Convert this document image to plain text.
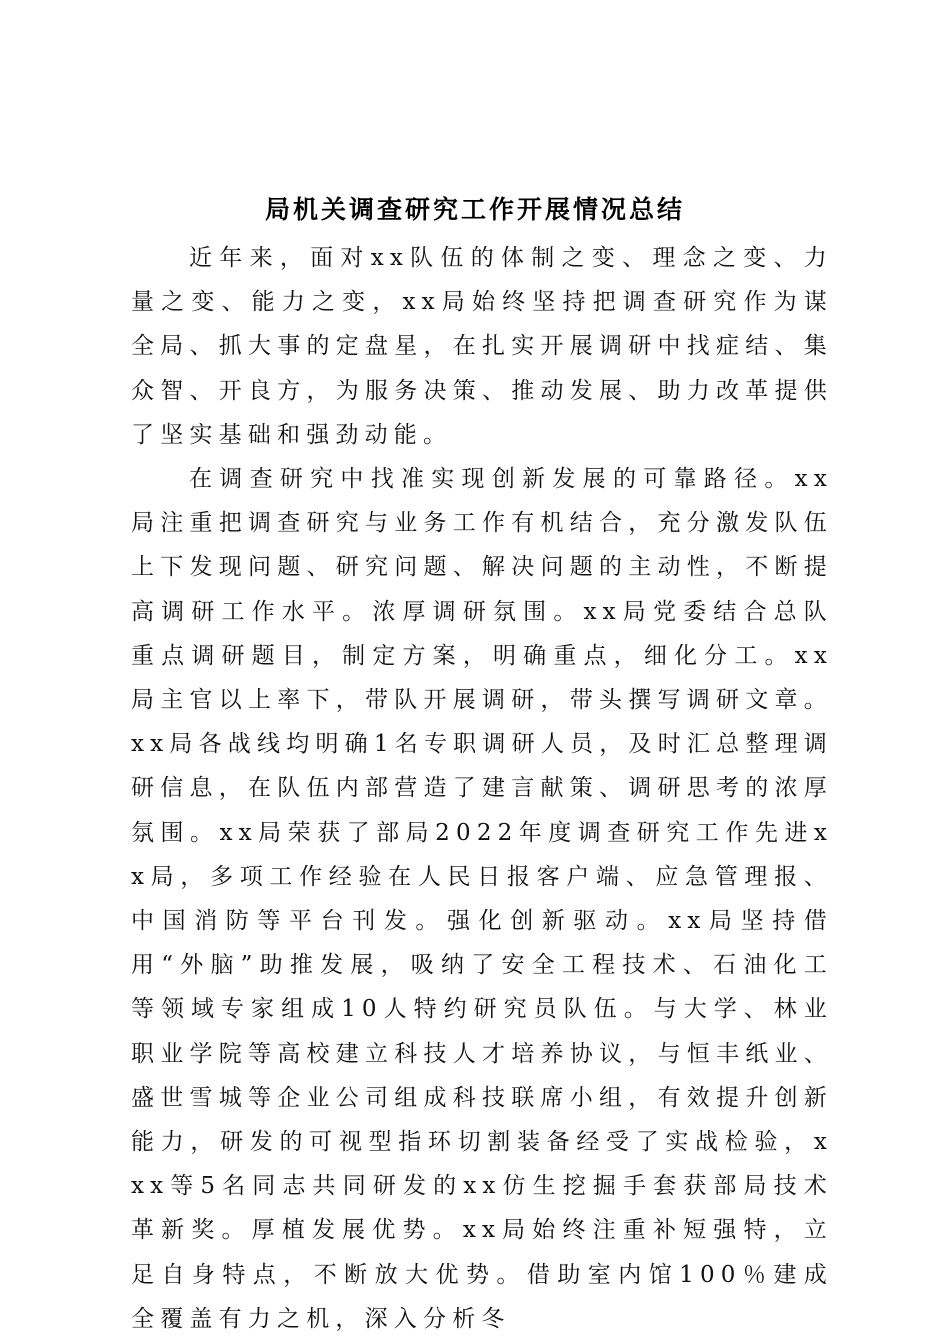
局机关调查研究工作开展情况总结

近年来，面对xx队伍的体制之变、理念之变、力量之变、能力之变，xx局始终坚持把调查研究作为谋全局、抓大事的定盘星，在扎实开展调研中找症结、集众智、开良方，为服务决策、推动发展、助力改革提供了坚实基础和强劲动能。

在调查研究中找准实现创新发展的可靠路径。xx局注重把调查研究与业务工作有机结合，充分激发队伍上下发现问题、研究问题、解决问题的主动性，不断提高调研工作水平。浓厚调研氛围。xx局党委结合总队重点调研题目，制定方案，明确重点，细化分工。xx局主官以上率下，带队开展调研，带头撰写调研文章。xx局各战线均明确1名专职调研人员，及时汇总整理调研信息，在队伍内部营造了建言献策、调研思考的浓厚氛围。xx局荣获了部局2022年度调查研究工作先进xx局，多项工作经验在人民日报客户端、应急管理报、中国消防等平台刊发。强化创新驱动。xx局坚持借用“外脑”助推发展，吸纳了安全工程技术、石油化工等领域专家组成10人特约研究员队伍。与大学、林业职业学院等高校建立科技人才培养协议，与恒丰纸业、盛世雪城等企业公司组成科技联席小组，有效提升创新能力，研发的可视型指环切割装备经受了实战检验，xxx等5名同志共同研发的xx仿生挖掘手套获部局技术革新奖。厚植发展优势。xx局始终注重补短强特，立足自身特点，不断放大优势。借助室内馆100％建成全覆盖有力之机，深入分析冬
